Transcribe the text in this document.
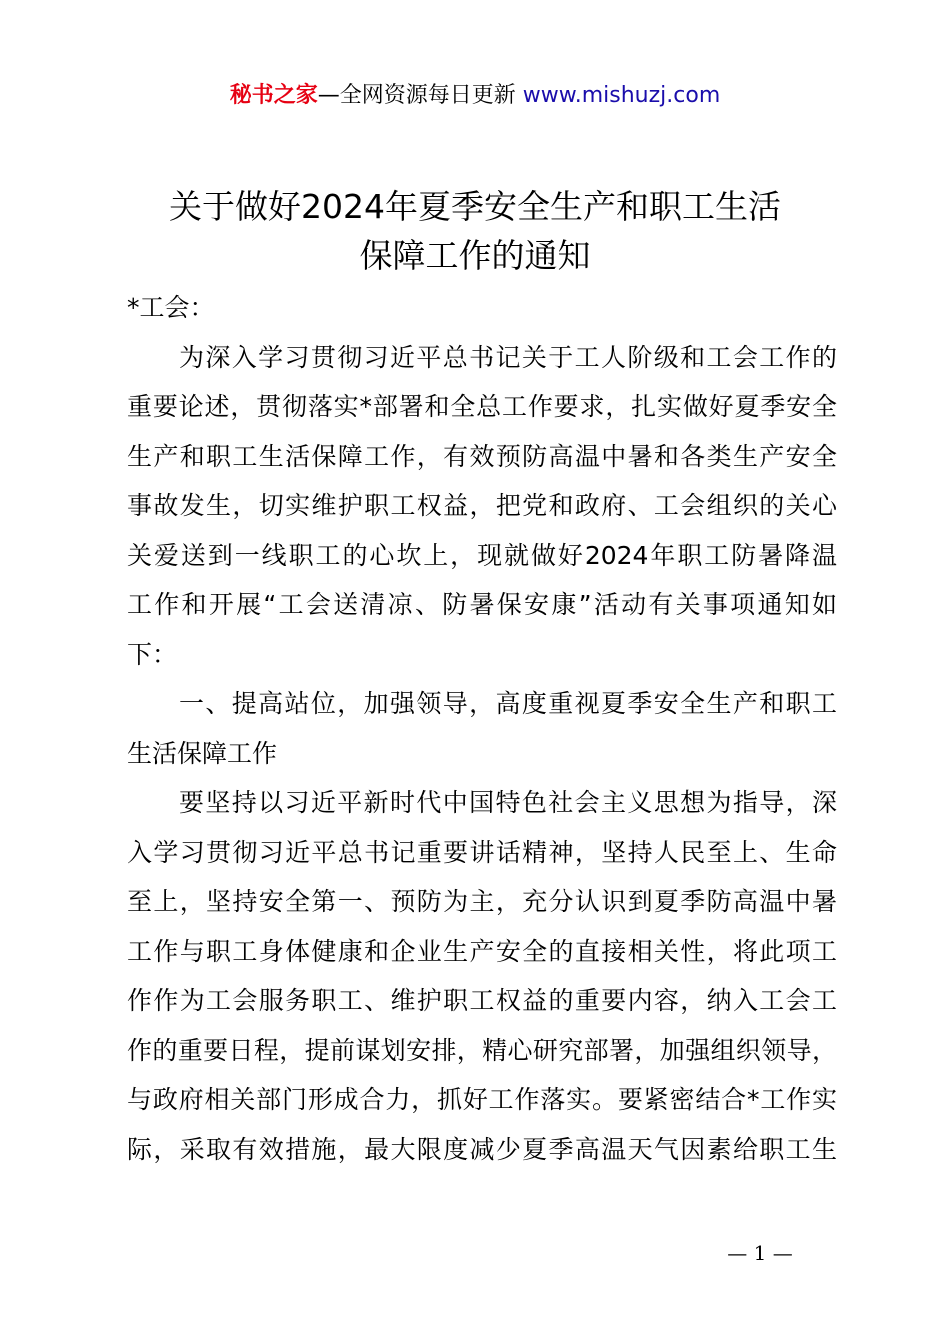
秘书之家—全网资源每日更新 www.mishuzj.com
关于做好2024年夏季安全生产和职工生活
保障工作的通知
*工会：
为深入学习贯彻习近平总书记关于工人阶级和工会工作的
重要论述，贯彻落实*部署和全总工作要求，扎实做好夏季安全
生产和职工生活保障工作，有效预防高温中暑和各类生产安全
事故发生，切实维护职工权益，把党和政府、工会组织的关心
关爱送到一线职工的心坎上，现就做好2024年职工防暑降温
工作和开展“工会送清凉、防暑保安康”活动有关事项通知如
下：
一、提高站位，加强领导，高度重视夏季安全生产和职工
生活保障工作
要坚持以习近平新时代中国特色社会主义思想为指导，深
入学习贯彻习近平总书记重要讲话精神，坚持人民至上、生命
至上，坚持安全第一、预防为主，充分认识到夏季防高温中暑
工作与职工身体健康和企业生产安全的直接相关性，将此项工
作作为工会服务职工、维护职工权益的重要内容，纳入工会工
作的重要日程，提前谋划安排，精心研究部署，加强组织领导，
与政府相关部门形成合力，抓好工作落实。要紧密结合*工作实
际，采取有效措施，最大限度减少夏季高温天气因素给职工生
— 1 —
